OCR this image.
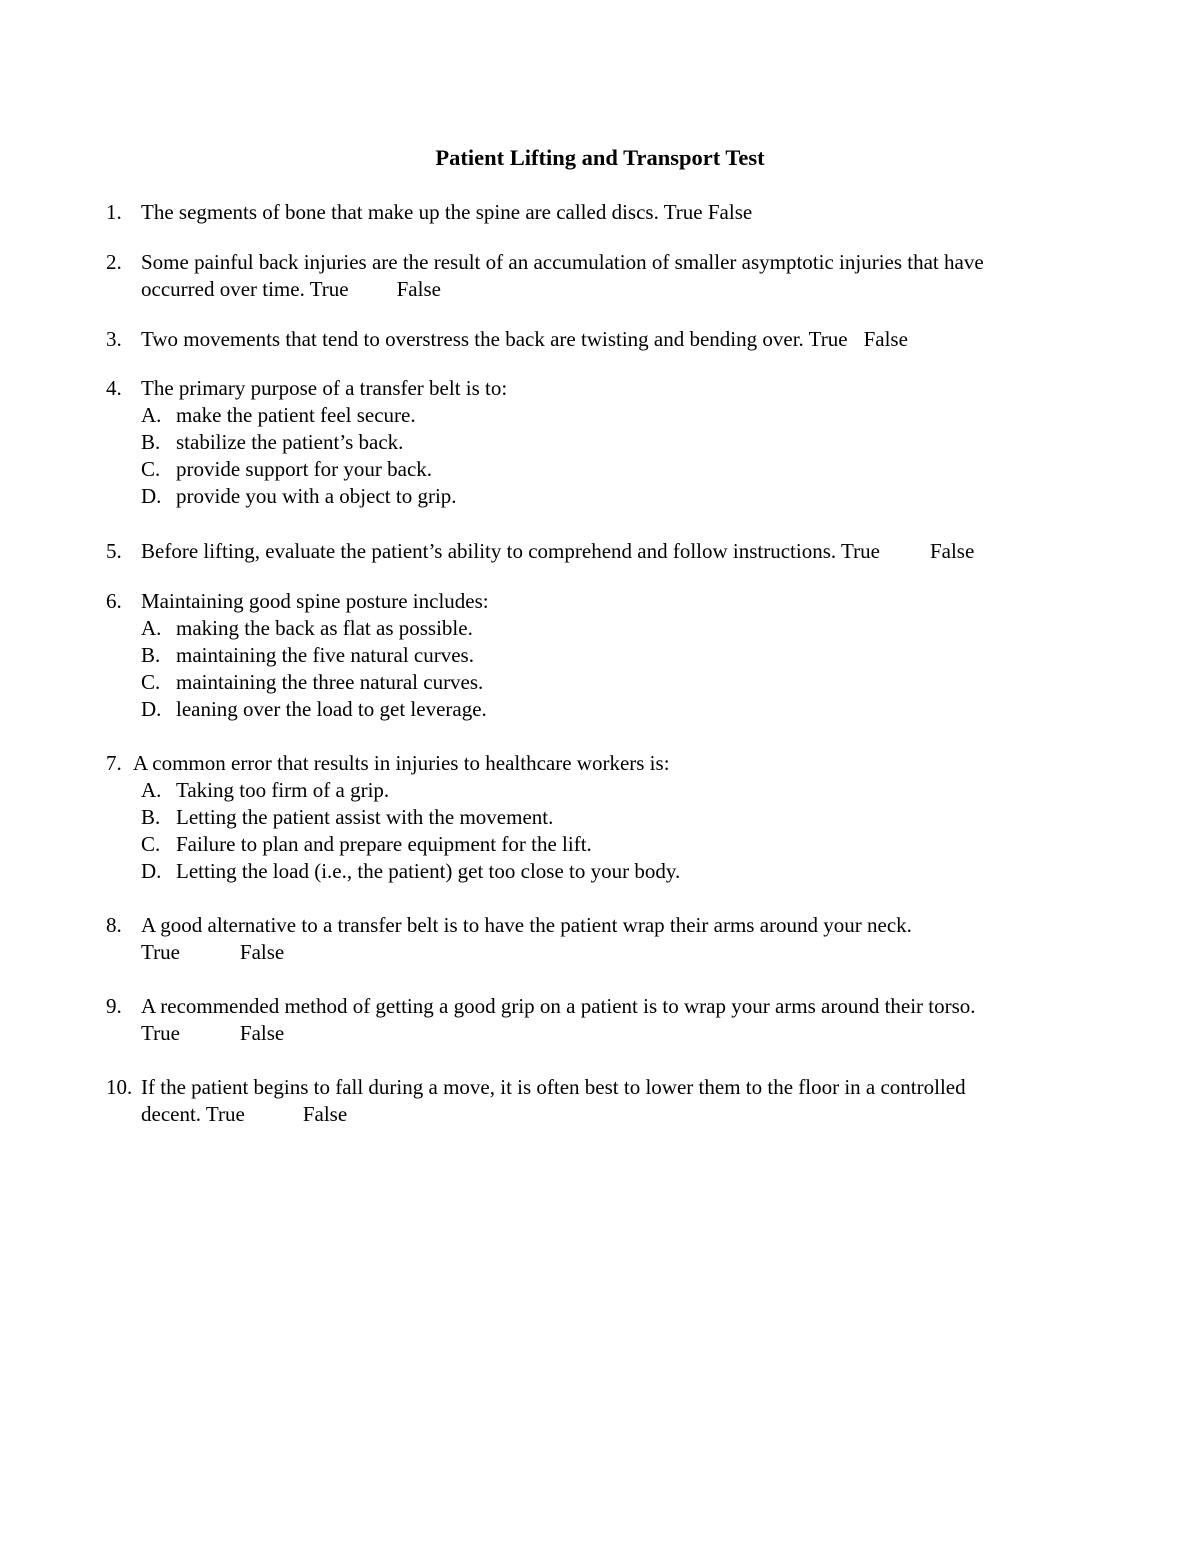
Patient Lifting and Transport Test
1. The segments of bone that make up the spine are called discs. True False
2. Some painful back injuries are the result of an accumulation of smaller asymptotic injuries that have
occurred over time. True False
3. Two movements that tend to overstress the back are twisting and bending over. True False
4. The primary purpose of a transfer belt is to:
A. make the patient feel secure.
B. stabilize the patient’s back.
C. provide support for your back.
D. provide you with a object to grip.
5. Before lifting, evaluate the patient’s ability to comprehend and follow instructions. True False
6. Maintaining good spine posture includes:
A. making the back as flat as possible.
B. maintaining the five natural curves.
C. maintaining the three natural curves.
D. leaning over the load to get leverage.
7. A common error that results in injuries to healthcare workers is:
A. Taking too firm of a grip.
B. Letting the patient assist with the movement.
C. Failure to plan and prepare equipment for the lift.
D. Letting the load (i.e., the patient) get too close to your body.
8. A good alternative to a transfer belt is to have the patient wrap their arms around your neck.
True	False
9. A recommended method of getting a good grip on a patient is to wrap your arms around their torso.
True	False
10. If the patient begins to fall during a move, it is often best to lower them to the floor in a controlled
decent. True	False
